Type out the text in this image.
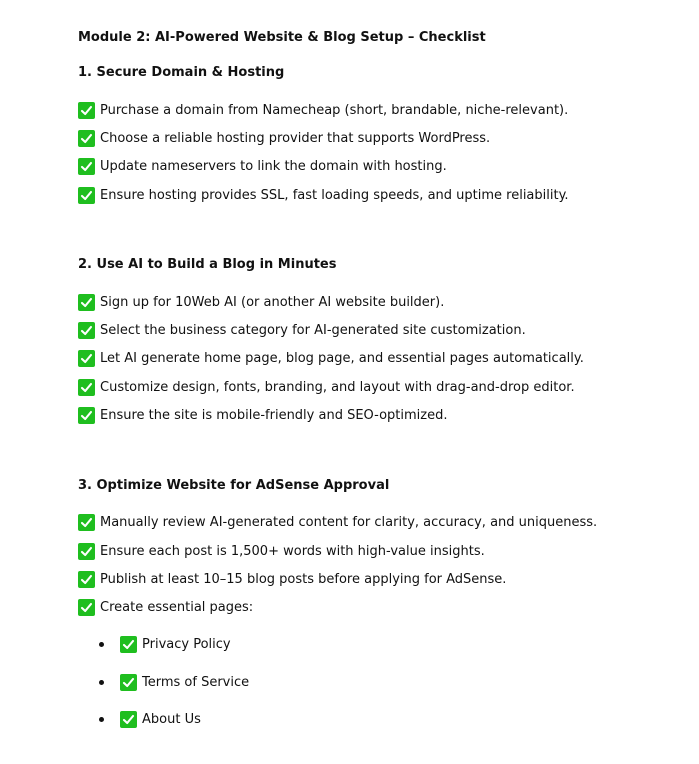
Module 2: AI-Powered Website & Blog Setup – Checklist
1. Secure Domain & Hosting
Purchase a domain from Namecheap (short, brandable, niche-relevant).
Choose a reliable hosting provider that supports WordPress.
Update nameservers to link the domain with hosting.
Ensure hosting provides SSL, fast loading speeds, and uptime reliability.
2. Use AI to Build a Blog in Minutes
Sign up for 10Web AI (or another AI website builder).
Select the business category for AI-generated site customization.
Let AI generate home page, blog page, and essential pages automatically.
Customize design, fonts, branding, and layout with drag-and-drop editor.
Ensure the site is mobile-friendly and SEO-optimized.
3. Optimize Website for AdSense Approval
Manually review AI-generated content for clarity, accuracy, and uniqueness.
Ensure each post is 1,500+ words with high-value insights.
Publish at least 10–15 blog posts before applying for AdSense.
Create essential pages:
Privacy Policy
Terms of Service
About Us
